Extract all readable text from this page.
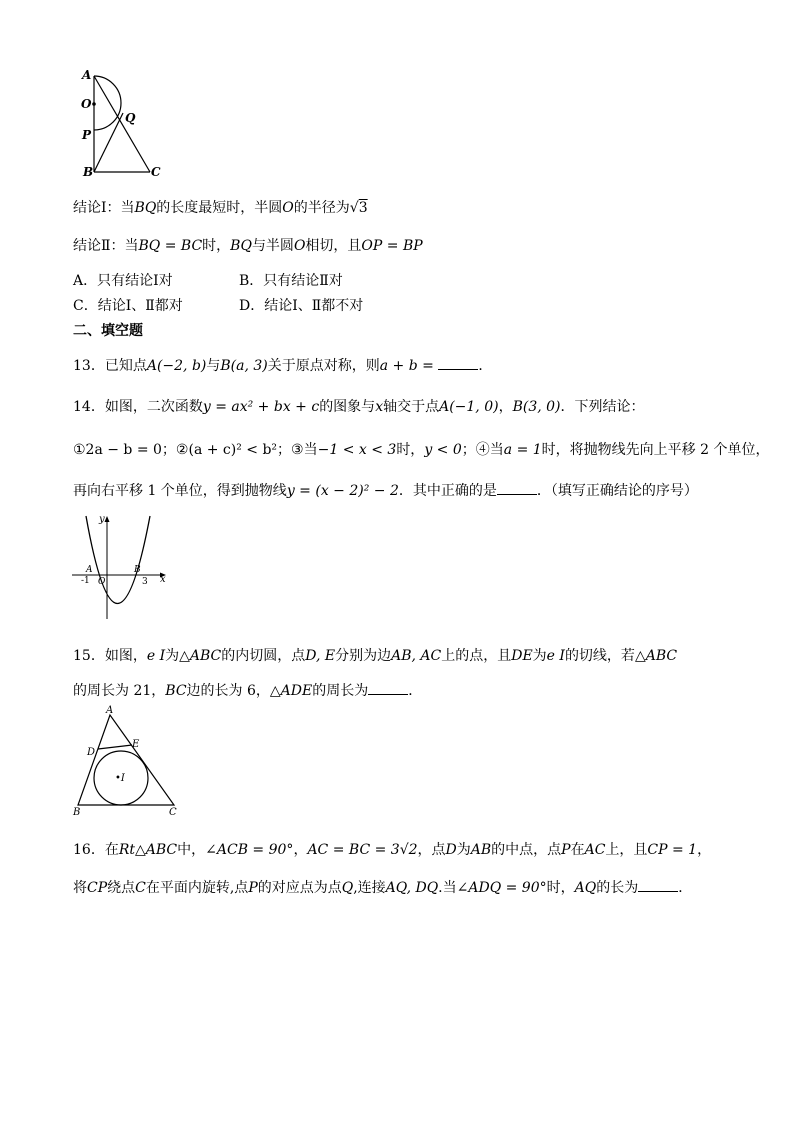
A
O
P
Q
B	C
结论Ⅰ：当BQ的长度最短时，半圆O的半径为√3
结论Ⅱ：当BQ = BC时，BQ与半圆O相切，且OP = BP
A．只有结论Ⅰ对	B．只有结论Ⅱ对
C．结论Ⅰ、Ⅱ都对	D．结论Ⅰ、Ⅱ都不对
二、填空题
13．已知点A(−2, b)与B(a, 3)关于原点对称，则a + b =	．
14．如图，二次函数y = ax² + bx + c的图象与x轴交于点A(−1, 0)，B(3, 0)．下列结论：
①2a − b = 0；②(a + c)² < b²；③当−1 < x < 3时，y < 0；④当a = 1时，将抛物线先向上平移 2 个单位，
再向右平移 1 个单位，得到抛物线y = (x − 2)² − 2．其中正确的是	．（填写正确结论的序号）
y
x
A	B
-1 O	3
15．如图，e I为△ABC的内切圆，点D, E分别为边AB, AC上的点，且DE为e I的切线，若△ABC
的周长为 21，BC边的长为 6，△ADE的周长为	．
A
D
E
•I
B	C
16．在Rt△ABC中，∠ACB = 90°，AC = BC = 3√2，点D为AB的中点，点P在AC上，且CP = 1，
将CP绕点C在平面内旋转,点P的对应点为点Q,连接AQ, DQ.当∠ADQ = 90°时，AQ的长为	．
